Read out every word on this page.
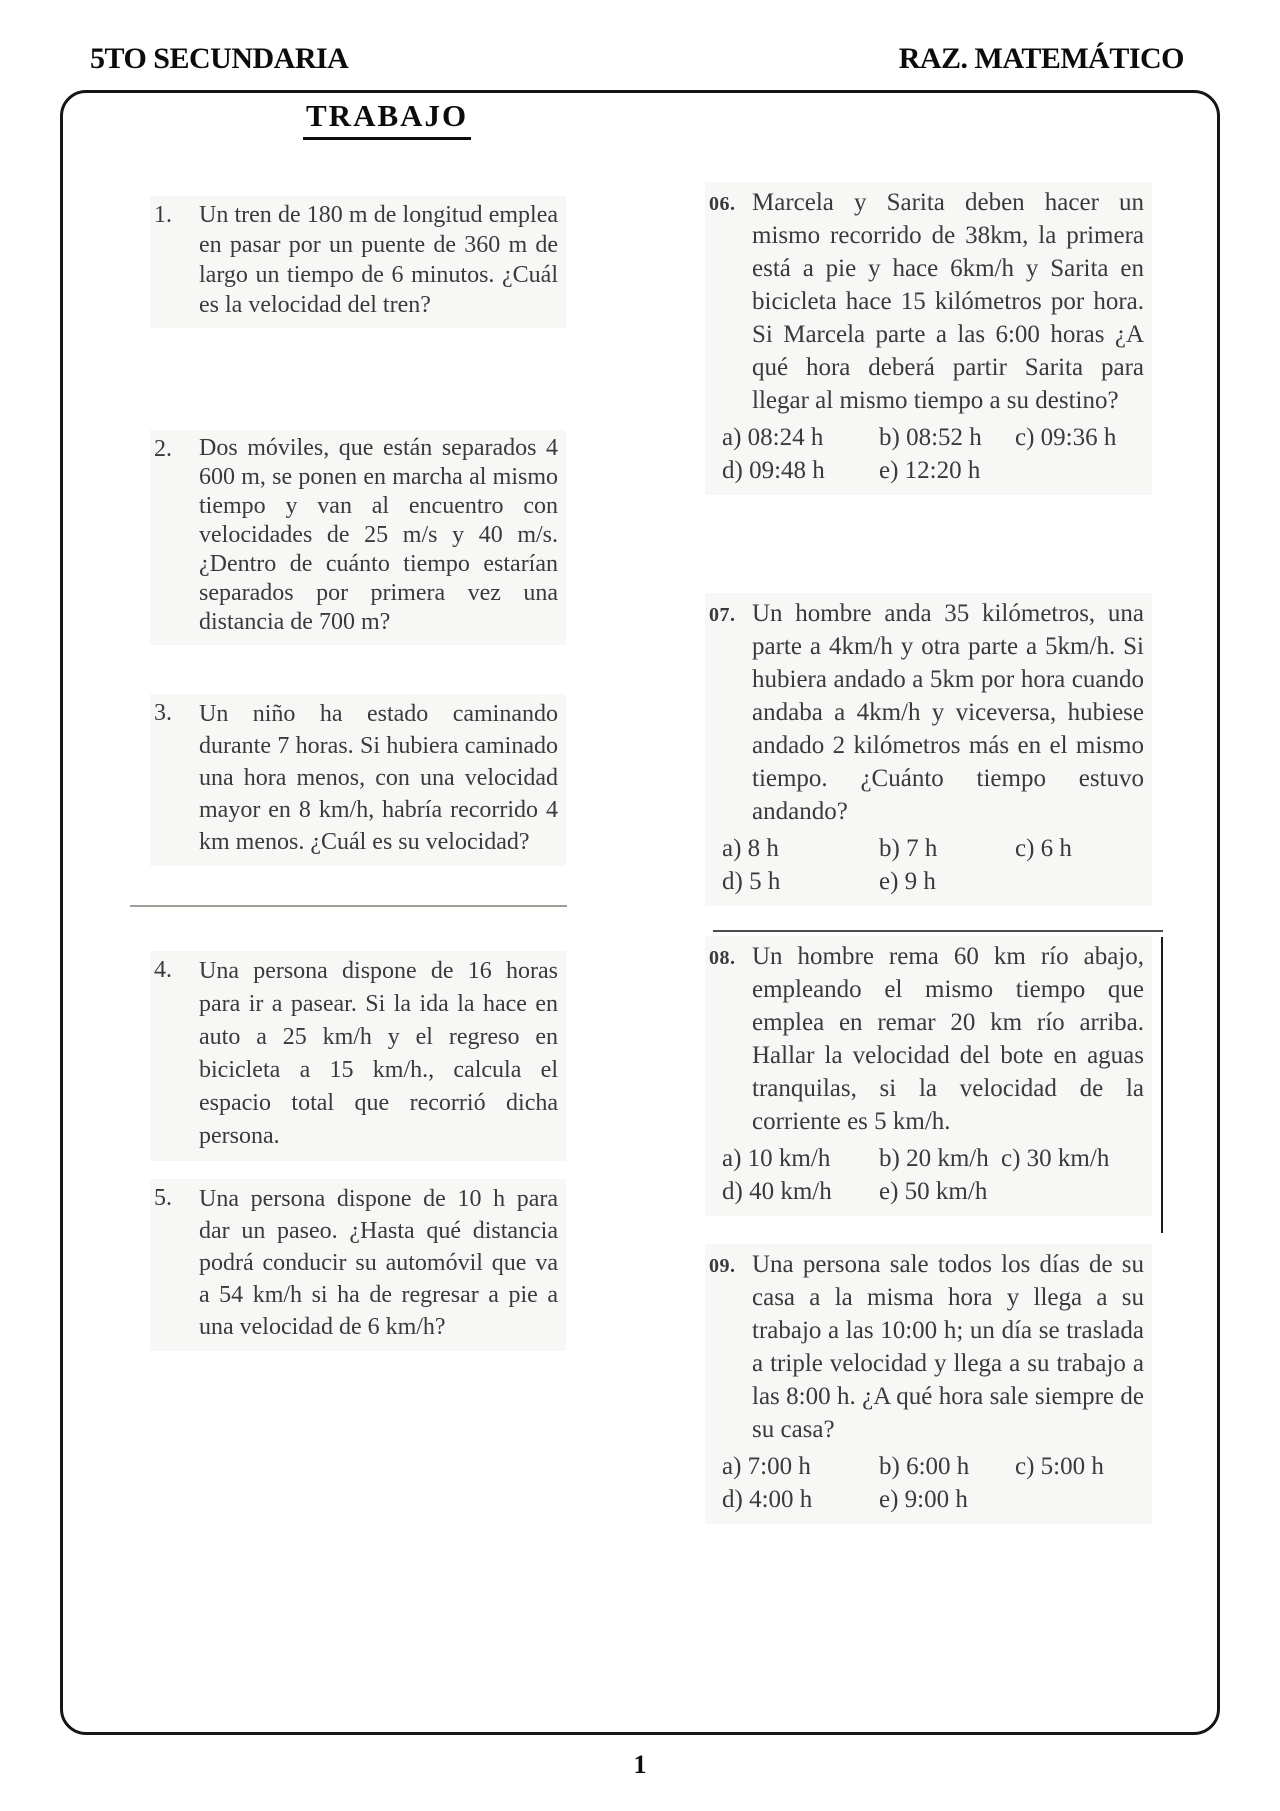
5TO SECUNDARIA	RAZ. MATEMÁTICO
TRABAJO
1.	Un tren de 180 m de longitud emplea en pasar por un puente de 360 m de largo un tiempo de 6 minutos. ¿Cuál es la velocidad del tren?

2.	Dos móviles, que están separados 4 600 m, se ponen en marcha al mismo tiempo y van al encuentro con velocidades de 25 m/s y 40 m/s. ¿Dentro de cuánto tiempo estarían separados por primera vez una distancia de 700 m?

3.	Un niño ha estado caminando durante 7 horas. Si hubiera caminado una hora menos, con una velocidad mayor en 8 km/h, habría recorrido 4 km menos. ¿Cuál es su velocidad?

4.	Una persona dispone de 16 horas para ir a pasear. Si la ida la hace en auto a 25 km/h y el regreso en bicicleta a 15 km/h., calcula el espacio total que recorrió dicha persona.

5.	Una persona dispone de 10 h para dar un paseo. ¿Hasta qué distancia podrá conducir su automóvil que va a 54 km/h si ha de regresar a pie a una velocidad de 6 km/h?

06. Marcela y Sarita deben hacer un mismo recorrido de 38km, la primera está a pie y hace 6km/h y Sarita en bicicleta hace 15 kilómetros por hora. Si Marcela parte a las 6:00 horas ¿A qué hora deberá partir Sarita para llegar al mismo tiempo a su destino?

a) 08:24 h	b) 08:52 h	c) 09:36 h
d) 09:48 h	e) 12:20 h
07. Un hombre anda 35 kilómetros, una parte a 4km/h y otra parte a 5km/h. Si hubiera andado a 5km por hora cuando andaba a 4km/h y viceversa, hubiese andado 2 kilómetros más en el mismo tiempo. ¿Cuánto tiempo estuvo andando?

a) 8 h	b) 7 h	c) 6 h
d) 5 h	e) 9 h
08. Un hombre rema 60 km río abajo, empleando el mismo tiempo que emplea en remar 20 km río arriba. Hallar la velocidad del bote en aguas tranquilas, si la velocidad de la corriente es 5 km/h.

a) 10 km/h	b) 20 km/h c) 30 km/h
d) 40 km/h	e) 50 km/h
09. Una persona sale todos los días de su casa a la misma hora y llega a su trabajo a las 10:00 h; un día se traslada a triple velocidad y llega a su trabajo a las 8:00 h. ¿A qué hora sale siempre de su casa?

a) 7:00 h	b) 6:00 h	c) 5:00 h
d) 4:00 h	e) 9:00 h
1
